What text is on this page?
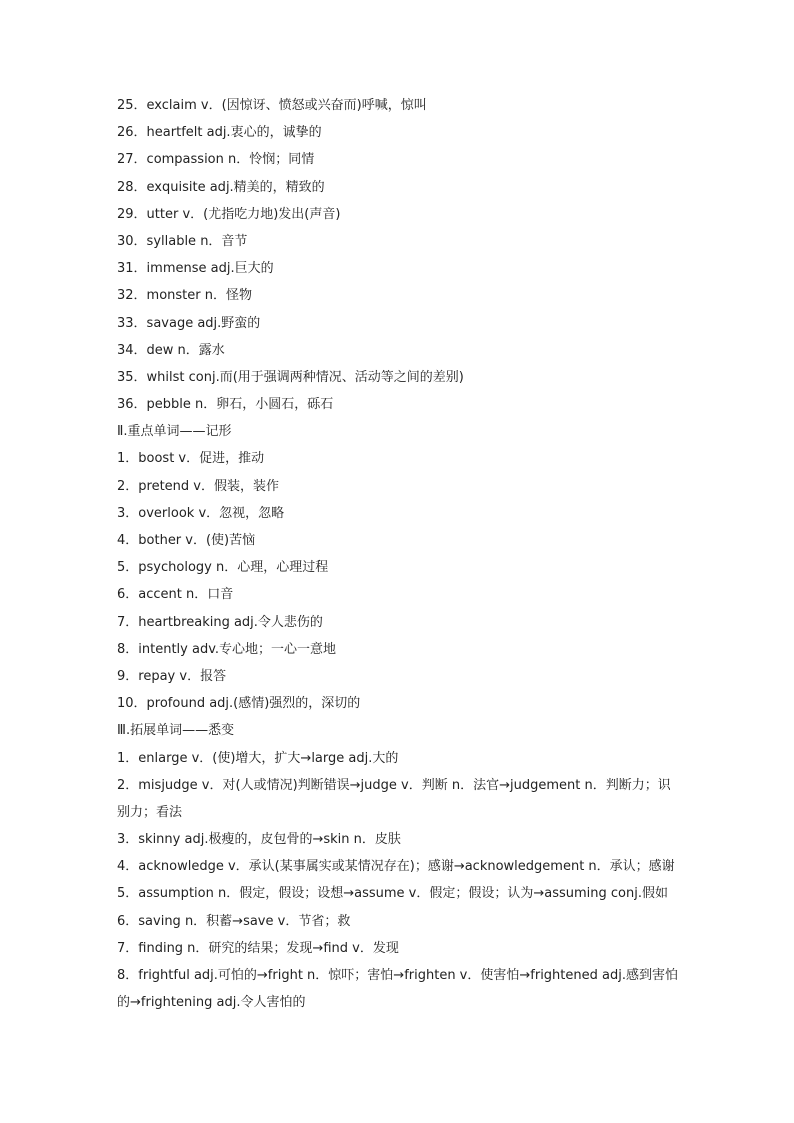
25．exclaim v．(因惊讶、愤怒或兴奋而)呼喊，惊叫
26．heartfelt adj.衷心的，诚挚的
27．compassion n．怜悯；同情
28．exquisite adj.精美的，精致的
29．utter v．(尤指吃力地)发出(声音)
30．syllable n．音节
31．immense adj.巨大的
32．monster n．怪物
33．savage adj.野蛮的
34．dew n．露水
35．whilst conj.而(用于强调两种情况、活动等之间的差别)
36．pebble n．卵石，小圆石，砾石
Ⅱ.重点单词——记形
1．boost v．促进，推动
2．pretend v．假装，装作
3．overlook v．忽视，忽略
4．bother v．(使)苦恼
5．psychology n．心理，心理过程
6．accent n．口音
7．heartbreaking adj.令人悲伤的
8．intently adv.专心地；一心一意地
9．repay v．报答
10．profound adj.(感情)强烈的，深切的
Ⅲ.拓展单词——悉变
1．enlarge v．(使)增大，扩大→large adj.大的
2．misjudge v．对(人或情况)判断错误→judge v．判断 n．法官→judgement n．判断力；识别力；看法
3．skinny adj.极瘦的，皮包骨的→skin n．皮肤
4．acknowledge v．承认(某事属实或某情况存在)；感谢→acknowledgement n．承认；感谢
5．assumption n．假定，假设；设想→assume v．假定；假设；认为→assuming conj.假如
6．saving n．积蓄→save v．节省；救
7．finding n．研究的结果；发现→find v．发现
8．frightful adj.可怕的→fright n．惊吓；害怕→frighten v．使害怕→frightened adj.感到害怕的→frightening adj.令人害怕的
